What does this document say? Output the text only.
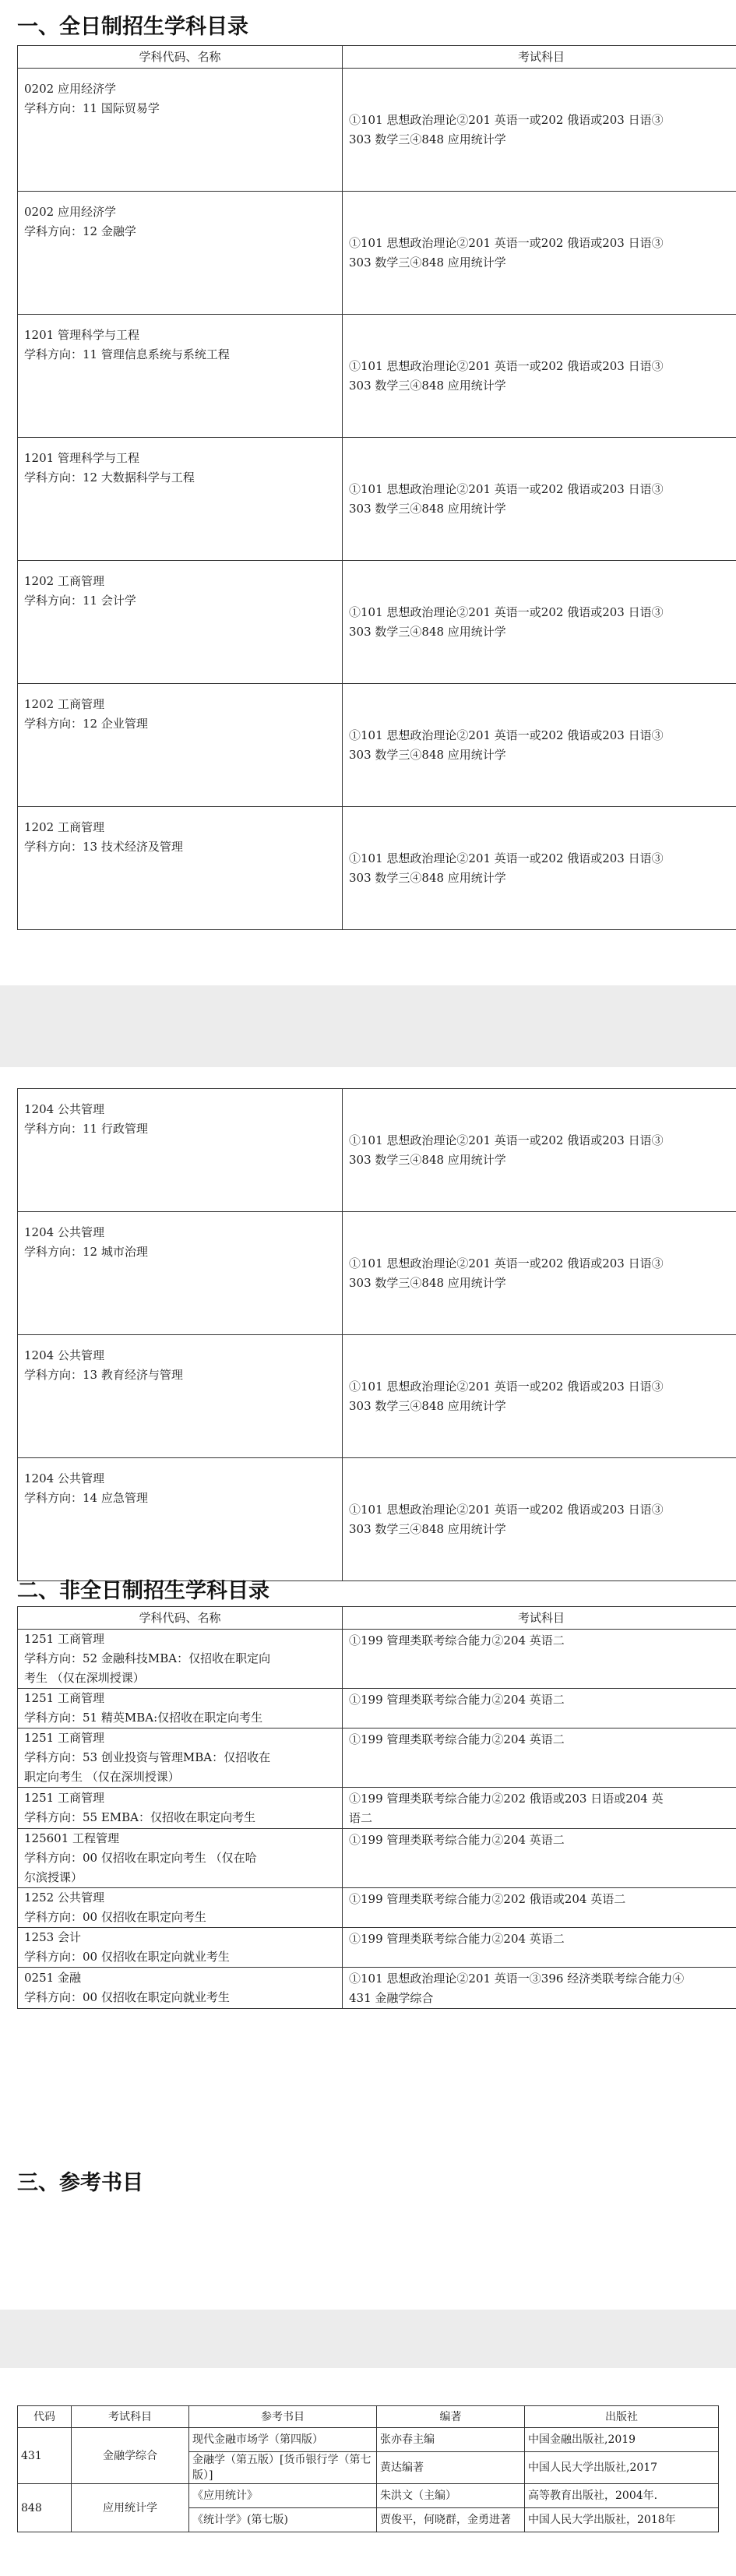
一、全日制招生学科目录
学科代码、名称	考试科目

0202 应用经济学
学科方向：11 国际贸易学	①101 思想政治理论②201 英语一或202 俄语或203 日语③
303 数学三④848 应用统计学

0202 应用经济学
学科方向：12 金融学	①101 思想政治理论②201 英语一或202 俄语或203 日语③
303 数学三④848 应用统计学

1201 管理科学与工程
学科方向：11 管理信息系统与系统工程	①101 思想政治理论②201 英语一或202 俄语或203 日语③
303 数学三④848 应用统计学

1201 管理科学与工程
学科方向：12 大数据科学与工程	①101 思想政治理论②201 英语一或202 俄语或203 日语③
303 数学三④848 应用统计学

1202 工商管理
学科方向：11 会计学	①101 思想政治理论②201 英语一或202 俄语或203 日语③
303 数学三④848 应用统计学

1202 工商管理
学科方向：12 企业管理	①101 思想政治理论②201 英语一或202 俄语或203 日语③
303 数学三④848 应用统计学

1202 工商管理
学科方向：13 技术经济及管理	①101 思想政治理论②201 英语一或202 俄语或203 日语③
303 数学三④848 应用统计学
1204 公共管理
学科方向：11 行政管理	①101 思想政治理论②201 英语一或202 俄语或203 日语③
303 数学三④848 应用统计学

1204 公共管理
学科方向：12 城市治理	①101 思想政治理论②201 英语一或202 俄语或203 日语③
303 数学三④848 应用统计学

1204 公共管理
学科方向：13 教育经济与管理	①101 思想政治理论②201 英语一或202 俄语或203 日语③
303 数学三④848 应用统计学

1204 公共管理
学科方向：14 应急管理	①101 思想政治理论②201 英语一或202 俄语或203 日语③
303 数学三④848 应用统计学
二、非全日制招生学科目录
学科代码、名称	考试科目

1251 工商管理
学科方向：52 金融科技MBA：仅招收在职定向
考生 （仅在深圳授课）	①199 管理类联考综合能力②204 英语二

1251 工商管理
学科方向：51 精英MBA:仅招收在职定向考生	①199 管理类联考综合能力②204 英语二

1251 工商管理
学科方向：53 创业投资与管理MBA：仅招收在
职定向考生 （仅在深圳授课）	①199 管理类联考综合能力②204 英语二

1251 工商管理
学科方向：55 EMBA：仅招收在职定向考生	①199 管理类联考综合能力②202 俄语或203 日语或204 英
语二

125601 工程管理
学科方向：00 仅招收在职定向考生 （仅在哈
尔滨授课）	①199 管理类联考综合能力②204 英语二

1252 公共管理
学科方向：00 仅招收在职定向考生	①199 管理类联考综合能力②202 俄语或204 英语二

1253 会计
学科方向：00 仅招收在职定向就业考生	①199 管理类联考综合能力②204 英语二

0251 金融
学科方向：00 仅招收在职定向就业考生	①101 思想政治理论②201 英语一③396 经济类联考综合能力④
431 金融学综合
三、参考书目
代码	考试科目	参考书目	编著	出版社
431	金融学综合	现代金融市场学（第四版）	张亦春主编	中国金融出版社,2019
		金融学（第五版）[货币银行学（第七版）]	黄达编著	中国人民大学出版社,2017
848	应用统计学	《应用统计》	朱洪文（主编）	高等教育出版社，2004年.
		《统计学》(第七版)	贾俊平，何晓群，金勇进著	中国人民大学出版社，2018年
